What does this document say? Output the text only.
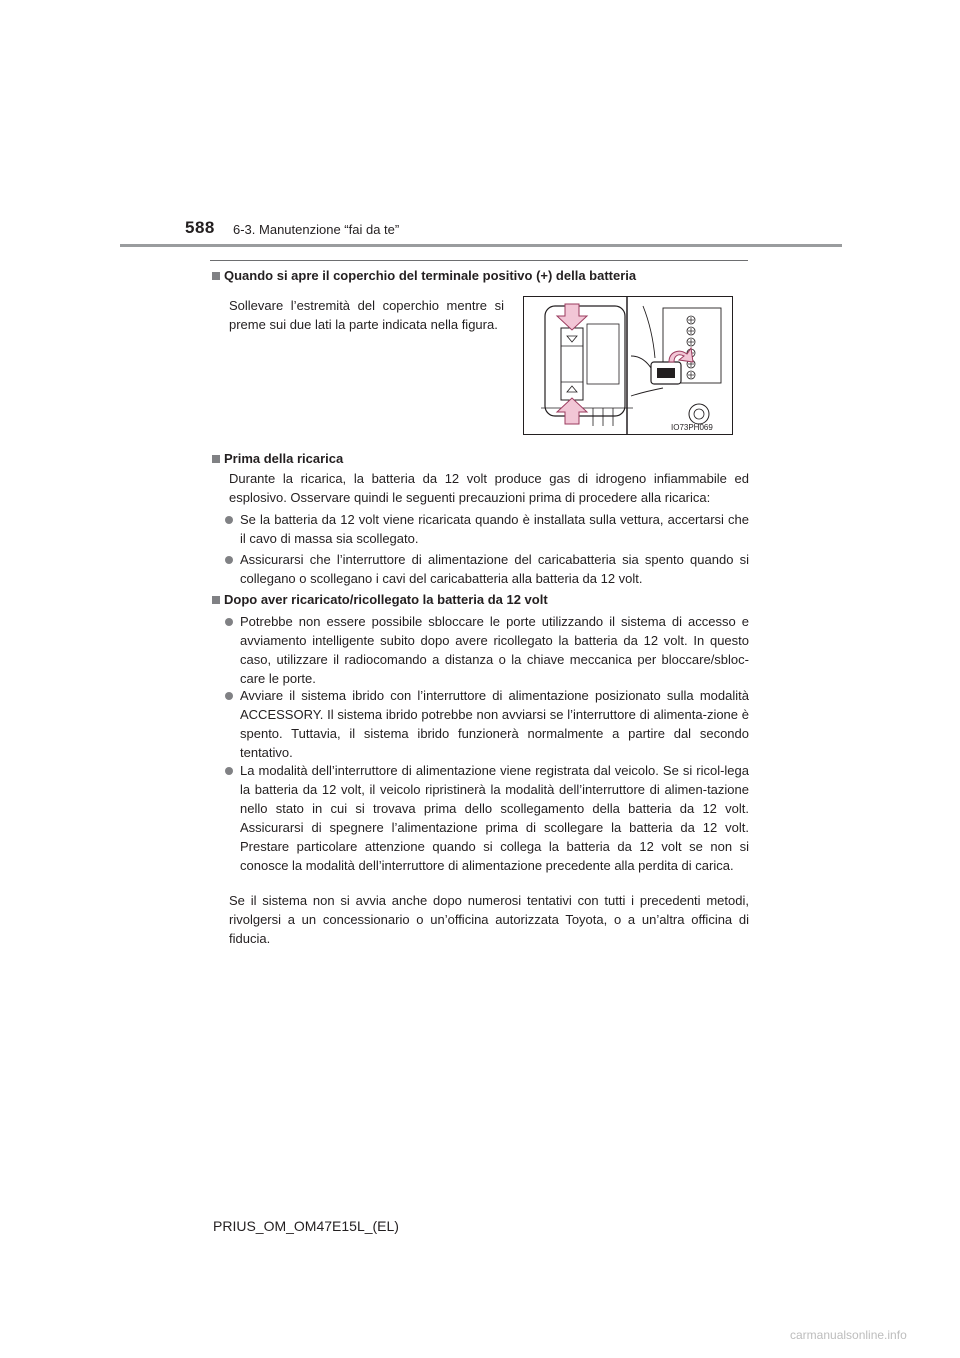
588 6-3. Manutenzione “fai da te”
Quando si apre il coperchio del terminale positivo (+) della batteria
Sollevare l’estremità del coperchio mentre si preme sui due lati la parte indicata nella figura.
IO73PH069
Prima della ricarica
Durante la ricarica, la batteria da 12 volt produce gas di idrogeno infiammabile ed esplosivo. Osservare quindi le seguenti precauzioni prima di procedere alla ricarica:
Se la batteria da 12 volt viene ricaricata quando è installata sulla vettura, accertarsi che il cavo di massa sia scollegato.
Assicurarsi che l’interruttore di alimentazione del caricabatteria sia spento quando si collegano o scollegano i cavi del caricabatteria alla batteria da 12 volt.
Dopo aver ricaricato/ricollegato la batteria da 12 volt
Potrebbe non essere possibile sbloccare le porte utilizzando il sistema di accesso e avviamento intelligente subito dopo avere ricollegato la batteria da 12 volt. In questo caso, utilizzare il radiocomando a distanza o la chiave meccanica per bloccare/sbloc-care le porte.
Avviare il sistema ibrido con l’interruttore di alimentazione posizionato sulla modalità ACCESSORY. Il sistema ibrido potrebbe non avviarsi se l’interruttore di alimenta-zione è spento. Tuttavia, il sistema ibrido funzionerà normalmente a partire dal secondo tentativo.
La modalità dell’interruttore di alimentazione viene registrata dal veicolo. Se si ricol-lega la batteria da 12 volt, il veicolo ripristinerà la modalità dell’interruttore di alimen-tazione nello stato in cui si trovava prima dello scollegamento della batteria da 12 volt. Assicurarsi di spegnere l’alimentazione prima di scollegare la batteria da 12 volt. Prestare particolare attenzione quando si collega la batteria da 12 volt se non si conosce la modalità dell’interruttore di alimentazione precedente alla perdita di carica.
Se il sistema non si avvia anche dopo numerosi tentativi con tutti i precedenti metodi, rivolgersi a un concessionario o un’officina autorizzata Toyota, o a un’altra officina di fiducia.
PRIUS_OM_OM47E15L_(EL)
carmanualsonline.info
